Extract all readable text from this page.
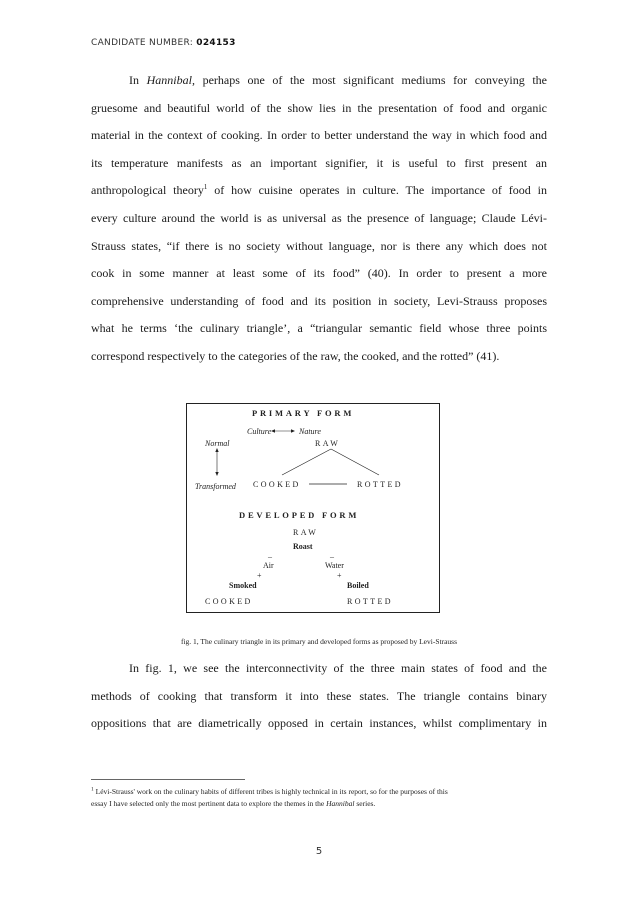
CANDIDATE NUMBER: 024153
In Hannibal, perhaps one of the most significant mediums for conveying the
gruesome and beautiful world of the show lies in the presentation of food and organic
material in the context of cooking. In order to better understand the way in which food and
its temperature manifests as an important signifier, it is useful to first present an
anthropological theory$^1$ of how cuisine operates in culture. The importance of food in
every culture around the world is as universal as the presence of language; Claude Lévi-
Strauss states, “if there is no society without language, nor is there any which does not
cook in some manner at least some of its food” (40). In order to present a more
comprehensive understanding of food and its position in society, Levi-Strauss proposes
what he terms ‘the culinary triangle’, a “triangular semantic field whose three points
correspond respectively to the categories of the raw, the cooked, and the rotted” (41).
PRIMARY FORM
Culture	Nature
RAW
Normal
Transformed COOKED	ROTTED
DEVELOPED FORM
RAW
Roast
–	–
Air	Water
+	+
Smoked	Boiled
COOKED	ROTTED
fig. 1, The culinary triangle in its primary and developed forms as proposed by Levi-Strauss
In fig. 1, we see the interconnectivity of the three main states of food and the
methods of cooking that transform it into these states. The triangle contains binary
oppositions that are diametrically opposed in certain instances, whilst complimentary in
$^1$ Lévi-Strauss' work on the culinary habits of different tribes is highly technical in its report, so for the purposes of this
essay I have selected only the most pertinent data to explore the themes in the Hannibal series.
5
